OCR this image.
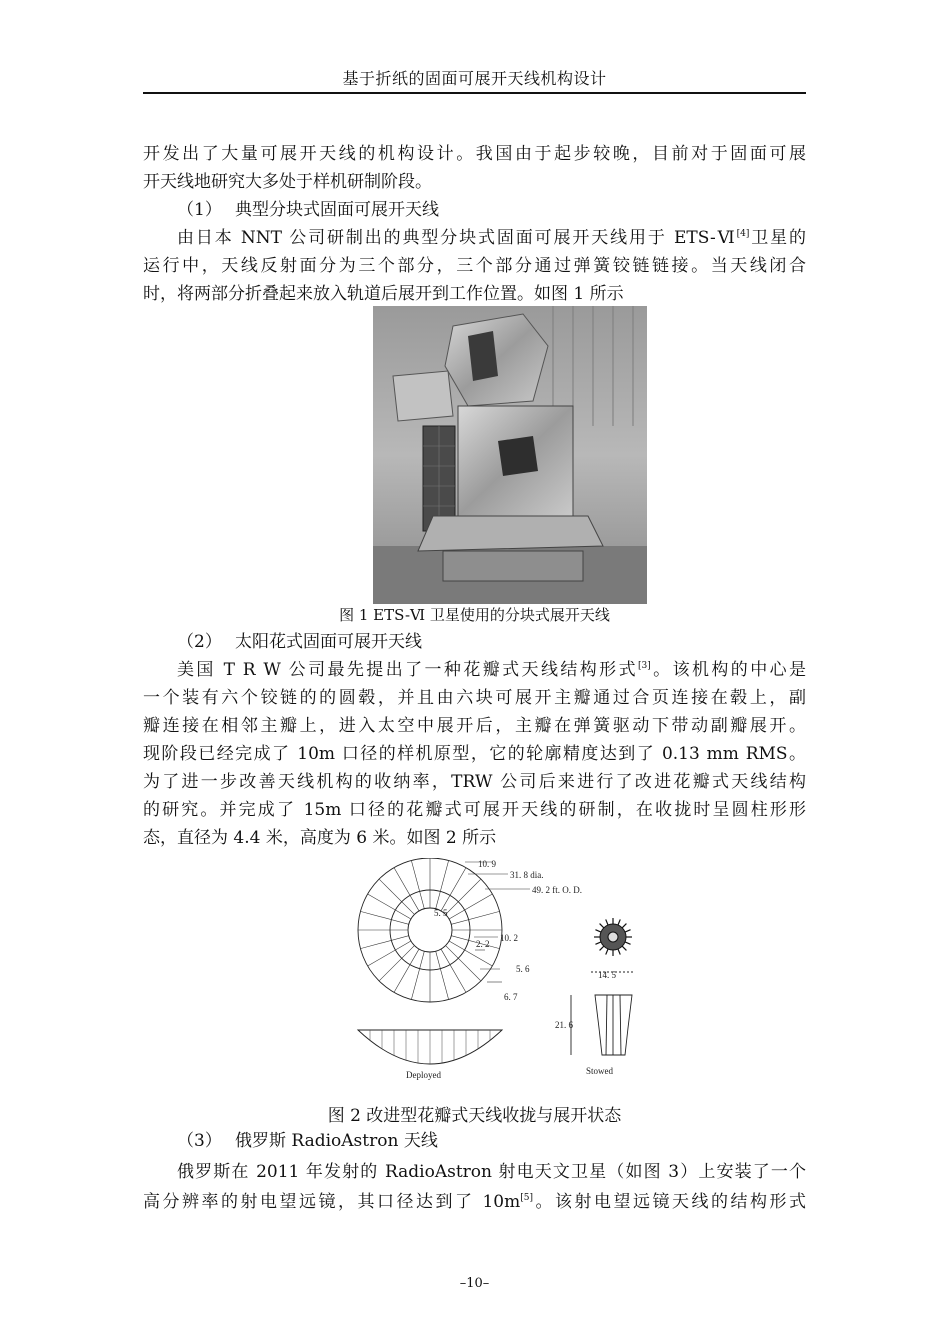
基于折纸的固面可展开天线机构设计
开发出了大量可展开天线的机构设计。我国由于起步较晚，目前对于固面可展
开天线地研究大多处于样机研制阶段。
（1） 典型分块式固面可展开天线
由日本 NNT 公司研制出的典型分块式固面可展开天线用于 ETS-Ⅵ[4]卫星的
运行中，天线反射面分为三个部分，三个部分通过弹簧铰链链接。当天线闭合
时，将两部分折叠起来放入轨道后展开到工作位置。如图 1 所示
图 1 ETS-Ⅵ 卫星使用的分块式展开天线
（2） 太阳花式固面可展开天线
美国 T R W 公司最先提出了一种花瓣式天线结构形式[3]。该机构的中心是
一个装有六个铰链的的圆毂，并且由六块可展开主瓣通过合页连接在毂上，副
瓣连接在相邻主瓣上，进入太空中展开后，主瓣在弹簧驱动下带动副瓣展开。
现阶段已经完成了 10m 口径的样机原型，它的轮廓精度达到了 0.13 mm RMS。
为了进一步改善天线机构的收纳率，TRW 公司后来进行了改进花瓣式天线结构
的研究。并完成了 15m 口径的花瓣式可展开天线的研制，在收拢时呈圆柱形形
态，直径为 4.4 米，高度为 6 米。如图 2 所示
10. 9
31. 8 dia.
49. 2 ft. O. D.
5. 5
2. 2
10. 2
5. 6
6. 7
14. 5
21. 6
Deployed	Stowed
图 2 改进型花瓣式天线收拢与展开状态
（3） 俄罗斯 RadioAstron 天线
俄罗斯在 2011 年发射的 RadioAstron 射电天文卫星（如图 3）上安装了一个
高分辨率的射电望远镜，其口径达到了 10m[5]。该射电望远镜天线的结构形式
–10–
